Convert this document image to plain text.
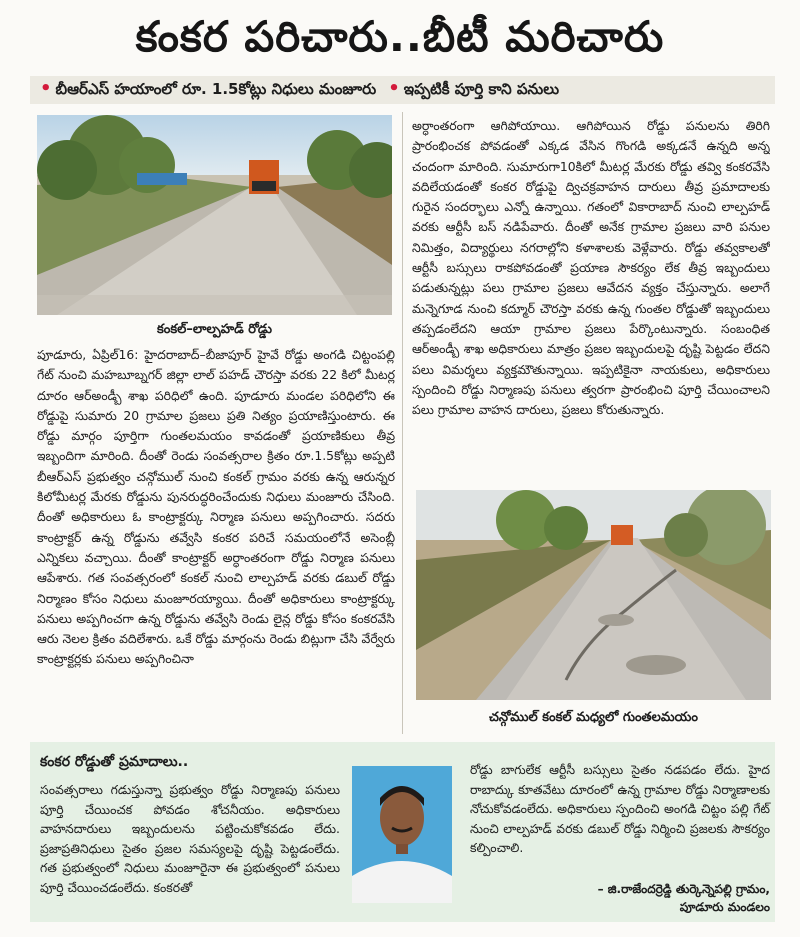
కంకర పరిచారు..బీటీ మరిచారు
• బీఆర్ఎస్ హయాంలో రూ. 1.5కోట్లు నిధులు మంజూరు • ఇప్పటికీ పూర్తి కాని పనులు
కంకల్–లాల్పహడ్ రోడ్డు

పూడూరు, ఏప్రిల్16: హైదరాబాద్–బీజాపూర్ హైవే రోడ్డు అంగడి చిట్టంపల్లి గేట్ నుంచి మహబూబ్నగర్ జిల్లా లాల్ పహడ్ చౌరస్తా వరకు 22 కిలో మీటర్ల దూరం ఆర్అండ్బీ శాఖ పరిధిలో ఉంది. పూడూరు మండల పరిధిలోని ఈ రోడ్డుపై సుమారు 20 గ్రామాల ప్రజలు ప్రతి నిత్యం ప్రయాణిస్తుంటారు. ఈ రోడ్డు మార్గం పూర్తిగా గుంతలమయం కావడంతో ప్రయాణికులు తీవ్ర ఇబ్బందిగా మారింది. దీంతో రెండు సంవత్సరాల క్రితం రూ.1.5కోట్లు అప్పటి బీఆర్ఎస్ ప్రభుత్వం చన్గోముల్ నుంచి కంకల్ గ్రామం వరకు ఉన్న ఆరున్నర కిలోమీటర్ల మేరకు రోడ్డును పునరుద్ధరించేందుకు నిధులు మంజూరు చేసింది. దీంతో అధికారులు ఓ కాంట్రాక్టర్కు నిర్మాణ పనులు అప్పగించారు. సదరు కాంట్రాక్టర్ ఉన్న రోడ్డును తవ్వేసి కంకర పరిచే సమయంలోనే అసెంబ్లీ ఎన్నికలు వచ్చాయి. దీంతో కాంట్రాక్టర్ అర్ధాంతరంగా రోడ్డు నిర్మాణ పనులు ఆపేశారు. గత సంవత్సరంలో కంకల్ నుంచి లాల్పహడ్ వరకు డబుల్ రోడ్డు నిర్మాణం కోసం నిధులు మంజూరయ్యాయి. దీంతో అధికారులు కాంట్రాక్టర్కు పనులు అప్పగించగా ఉన్న రోడ్డును తవ్వేసి రెండు లైన్ల రోడ్డు కోసం కంకరవేసి ఆరు నెలల క్రితం వదిలేశారు. ఒకే రోడ్డు మార్గంను రెండు బిట్లుగా చేసి వేర్వేరు కాంట్రాక్టర్లకు పనులు అప్పగించినా

అర్ధాంతరంగా ఆగిపోయాయి. ఆగిపోయిన రోడ్డు పనులను తిరిగి ప్రారంభించక పోవడంతో ఎక్కడ వేసిన గొంగడి అక్కడనే ఉన్నది అన్న చందంగా మారింది. సుమారుగా10కిలో మీటర్ల మేరకు రోడ్డు తవ్వి కంకరవేసి వదిలేయడంతో కంకర రోడ్డుపై ద్విచక్రవాహన దారులు తీవ్ర ప్రమాదాలకు గురైన సందర్భాలు ఎన్నో ఉన్నాయి. గతంలో వికారాబాద్ నుంచి లాల్పహడ్ వరకు ఆర్టీసీ బస్ నడిపేవారు. దీంతో అనేక గ్రామాల ప్రజలు వారి పనుల నిమిత్తం, విద్యార్థులు నగరాల్లోని కళాశాలకు వెళ్లేవారు. రోడ్డు తవ్వకాలతో ఆర్టీసీ బస్సులు రాకపోవడంతో ప్రయాణ సౌకర్యం లేక తీవ్ర ఇబ్బందులు పడుతున్నట్లు పలు గ్రామాల ప్రజలు ఆవేదన వ్యక్తం చేస్తున్నారు. అలాగే మన్నెగూడ నుంచి కద్మూర్ చౌరస్తా వరకు ఉన్న గుంతల రోడ్డుతో ఇబ్బందులు తప్పడంలేదని ఆయా గ్రామాల ప్రజలు పేర్కొంటున్నారు. సంబంధిత ఆర్అండ్బీ శాఖ అధికారులు మాత్రం ప్రజల ఇబ్బందులపై దృష్టి పెట్టడం లేదని పలు విమర్శలు వ్యక్తమౌతున్నాయి. ఇప్పటికైనా నాయకులు, అధికారులు స్పందించి రోడ్డు నిర్మాణపు పనులు త్వరగా ప్రారంభించి పూర్తి చేయించాలని పలు గ్రామాల వాహన దారులు, ప్రజలు కోరుతున్నారు.

చన్గోముల్ కంకల్ మధ్యలో గుంతలమయం
కంకర రోడ్డుతో ప్రమాదాలు..
సంవత్సరాలు గడుస్తున్నా ప్రభుత్వం రోడ్డు నిర్మాణపు పనులు పూర్తి చేయించక పోవడం శోచనీయం. అధికారులు వాహనదారులు ఇబ్బందులను పట్టించుకోకవడం లేదు. ప్రజాప్రతినిధులు సైతం ప్రజల సమస్యలపై దృష్టి పెట్టడంలేదు. గత ప్రభుత్వంలో నిధులు మంజూరైనా ఈ ప్రభుత్వంలో పనులు పూర్తి చేయించడంలేదు. కంకరతో
రోడ్డు బాగులేక ఆర్టీసీ బస్సులు సైతం నడపడం లేదు. హైద రాబాద్కు కూతవేటు దూరంలో ఉన్న గ్రామాల రోడ్డు నిర్మాణాలకు నోచుకోవడంలేదు. అధికారులు స్పందించి అంగడి చిట్టం పల్లి గేట్ నుంచి లాల్పహడ్ వరకు డబుల్ రోడ్డు నిర్మించి ప్రజలకు సౌకర్యం కల్పించాలి.
– జి.రాజేందర్రెడ్డి తుర్కెన్నెపల్లి గ్రామం,
పూడూరు మండలం
